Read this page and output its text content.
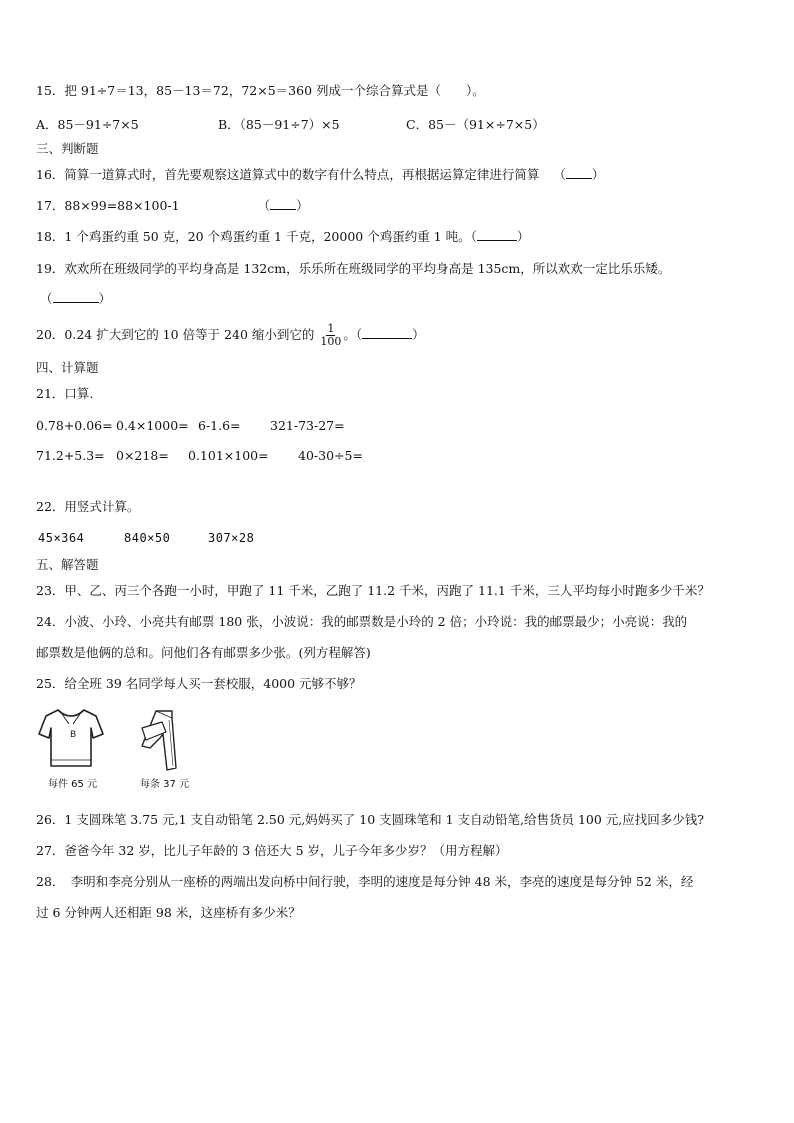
15．把 91÷7＝13，85－13＝72，72×5＝360 列成一个综合算式是（　　）。
A．85－91÷7×5	B．（85－91÷7）×5	C．85－（91×÷7×5）
三、判断题
16．简算一道算式时，首先要观察这道算式中的数字有什么特点，再根据运算定律进行简算 （ ）
17．88×99=88×100-1	（ ）
18．1 个鸡蛋约重 50 克，20 个鸡蛋约重 1 千克，20000 个鸡蛋约重 1 吨。（	）
19．欢欢所在班级同学的平均身高是 132cm，乐乐所在班级同学的平均身高是 135cm，所以欢欢一定比乐乐矮。
（	）
20．0.24 扩大到它的 10 倍等于 240 缩小到它的 $\frac{1}{100}$ 。（	）
四、计算题
21．口算.
0.78+0.06= 0.4×1000= 6-1.6= 321-73-27=
71.2+5.3= 0×218= 0.101×100= 40-30÷5=
22．用竖式计算。
45×364	840×50	307×28
五、解答题
23．甲、乙、丙三个各跑一小时，甲跑了 11 千米，乙跑了 11.2 千米，丙跑了 11.1 千米，三人平均每小时跑多少千米？
24．小波、小玲、小亮共有邮票 180 张，小波说：我的邮票数是小玲的 2 倍；小玲说：我的邮票最少；小亮说：我的
邮票数是他俩的总和。问他们各有邮票多少张。(列方程解答)
25．给全班 39 名同学每人买一套校服，4000 元够不够？
B
每件 65 元	每条 37 元
26．1 支圆珠笔 3.75 元,1 支自动铅笔 2.50 元,妈妈买了 10 支圆珠笔和 1 支自动铅笔,给售货员 100 元,应找回多少钱?
27．爸爸今年 32 岁，比儿子年龄的 3 倍还大 5 岁，儿子今年多少岁？（用方程解）
28．　李明和李亮分别从一座桥的两端出发向桥中间行驶，李明的速度是每分钟 48 米，李亮的速度是每分钟 52 米，经
过 6 分钟两人还相距 98 米，这座桥有多少米？
